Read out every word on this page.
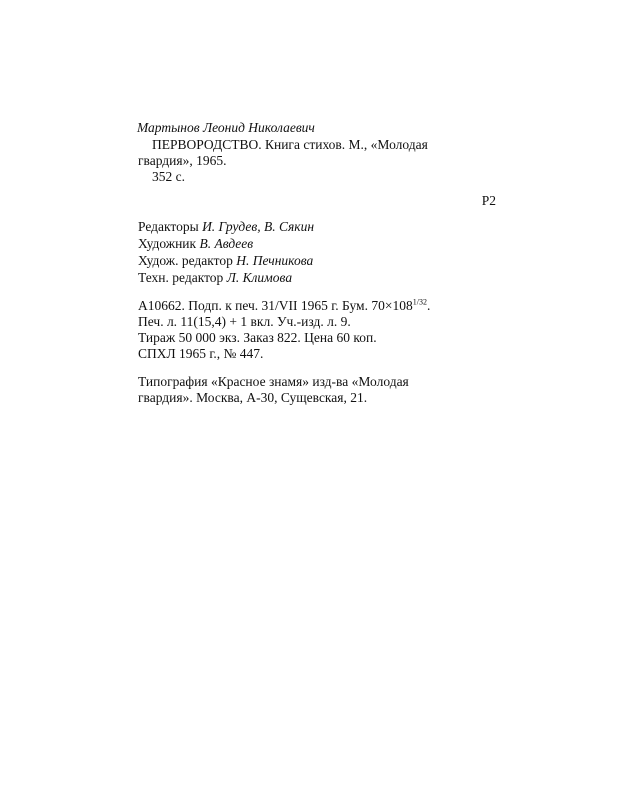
Мартынов Леонид Николаевич
ПЕРВОРОДСТВО. Книга стихов. М., «Молодая
гвардия», 1965.
352 с.
Р2
Редакторы И. Грудев, В. Сякин
Художник В. Авдеев
Худож. редактор Н. Печникова
Техн. редактор Л. Климова
А10662. Подп. к печ. 31/VII 1965 г. Бум. $70\times 108^{1/32}$.
Печ. л. 11(15,4) + 1 вкл. Уч.-изд. л. 9.
Тираж 50 000 экз. Заказ 822. Цена 60 коп.
СПХЛ 1965 г., № 447.
Типография «Красное знамя» изд-ва «Молодая
гвардия». Москва, А-30, Сущевская, 21.
